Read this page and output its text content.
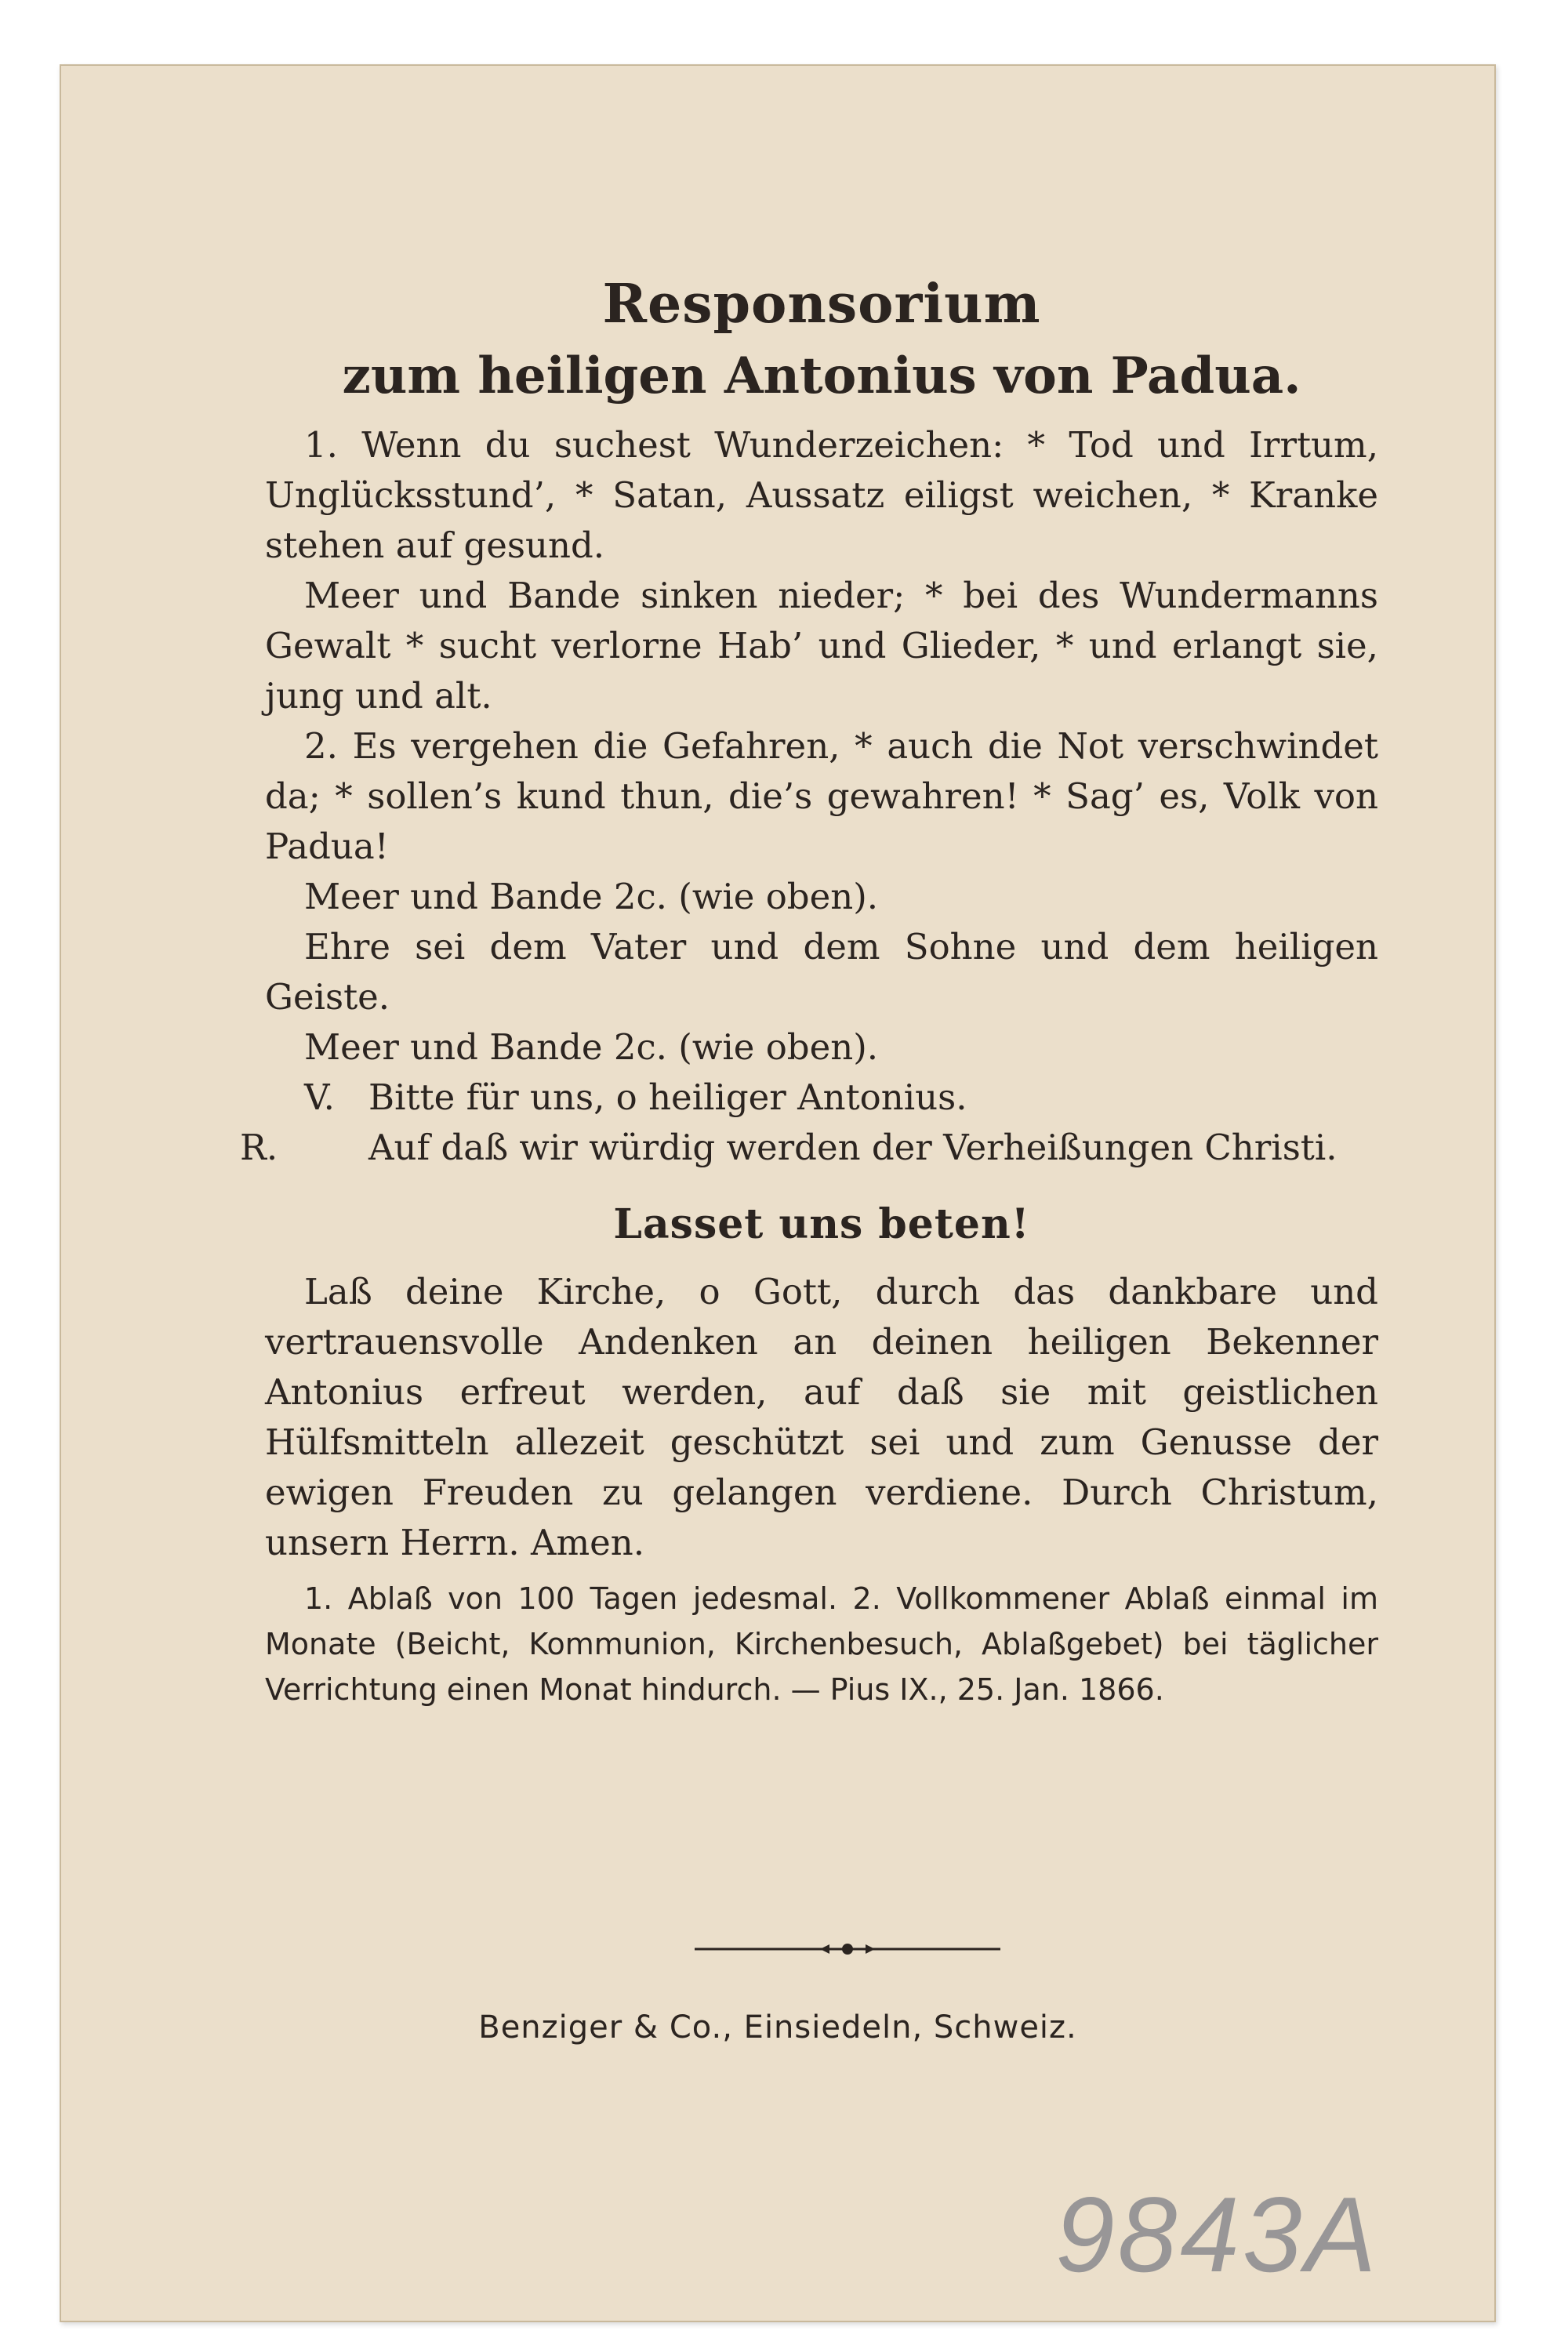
Responsorium
zum heiligen Antonius von Padua.

1. Wenn du suchest Wunderzeichen: * Tod und Irrtum, Unglücksstund’, * Satan, Aussatz eiligst weichen, * Kranke stehen auf gesund.

Meer und Bande sinken nieder; * bei des Wundermanns Gewalt * sucht verlorne Hab’ und Glieder, * und erlangt sie, jung und alt.

2. Es vergehen die Gefahren, * auch die Not verschwindet da; * sollen’s kund thun, die’s gewahren! * Sag’ es, Volk von Padua!

Meer und Bande 2c. (wie oben).

Ehre sei dem Vater und dem Sohne und dem heiligen Geiste.

Meer und Bande 2c. (wie oben).

V. Bitte für uns, o heiliger Antonius.

R.	Auf daß wir würdig werden der Verheißungen Christi.

Lasset uns beten!

Laß deine Kirche, o Gott, durch das dankbare und vertrauensvolle Andenken an deinen heiligen Bekenner Antonius erfreut werden, auf daß sie mit geistlichen Hülfsmitteln allezeit geschützt sei und zum Genusse der ewigen Freuden zu gelangen verdiene. Durch Christum, unsern Herrn. Amen.

1. Ablaß von 100 Tagen jedesmal. 2. Vollkommener Ablaß einmal im Monate (Beicht, Kommunion, Kirchenbesuch, Ablaßgebet) bei täglicher Verrichtung einen Monat hindurch. — Pius IX., 25. Jan. 1866.

Benziger & Co., Einsiedeln, Schweiz.
9843A
